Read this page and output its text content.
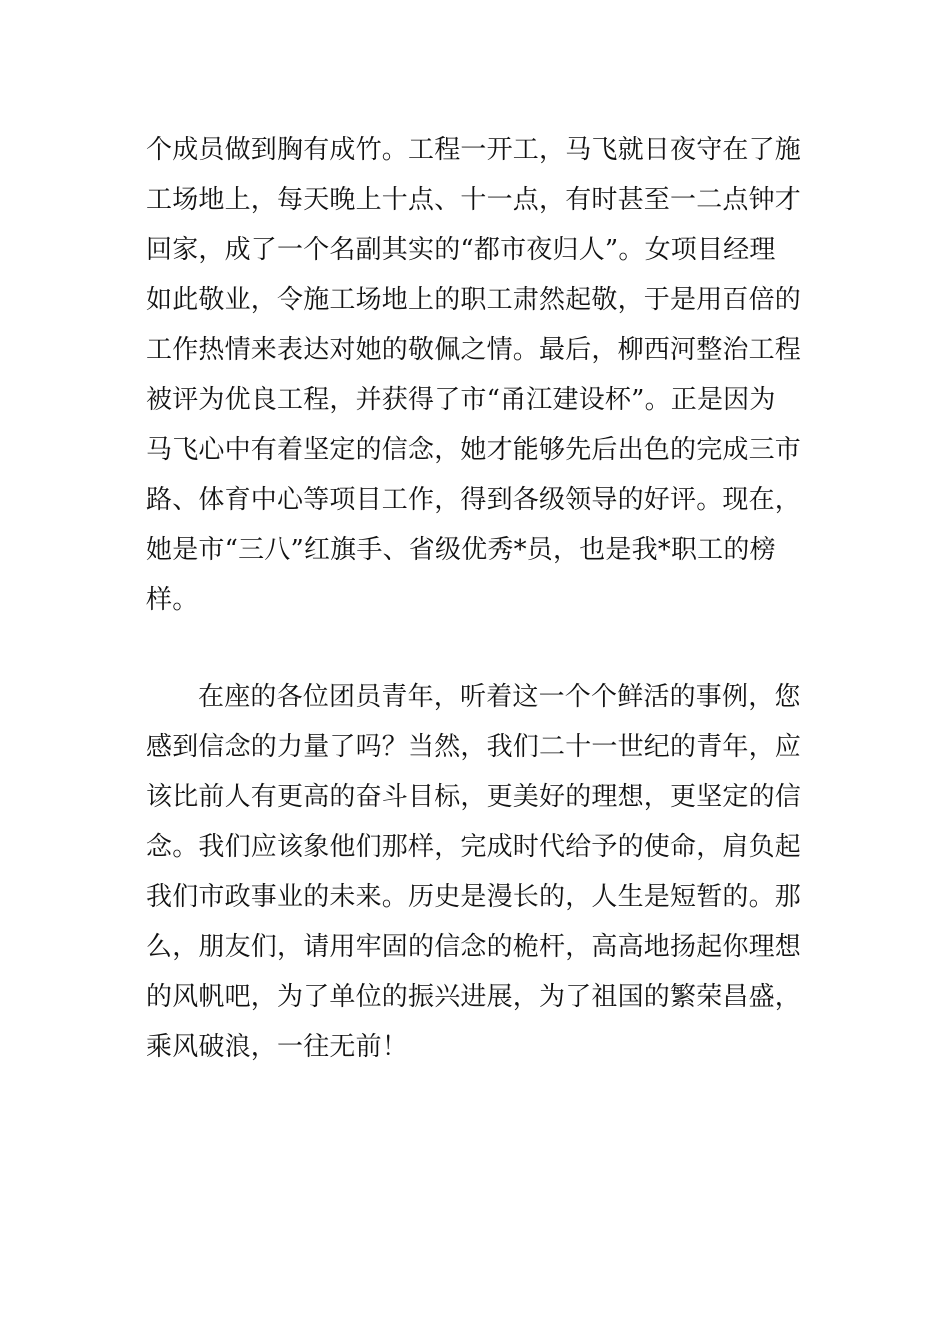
个成员做到胸有成竹。工程一开工，马飞就日夜守在了施
工场地上，每天晚上十点、十一点，有时甚至一二点钟才
回家，成了一个名副其实的“都市夜归人”。女项目经理
如此敬业，令施工场地上的职工肃然起敬，于是用百倍的
工作热情来表达对她的敬佩之情。最后，柳西河整治工程
被评为优良工程，并获得了市“甬江建设杯”。正是因为
马飞心中有着坚定的信念，她才能够先后出色的完成三市
路、体育中心等项目工作，得到各级领导的好评。现在，
她是市“三八”红旗手、省级优秀*员，也是我*职工的榜
样。
在座的各位团员青年，听着这一个个鲜活的事例，您
感到信念的力量了吗？当然，我们二十一世纪的青年，应
该比前人有更高的奋斗目标，更美好的理想，更坚定的信
念。我们应该象他们那样，完成时代给予的使命，肩负起
我们市政事业的未来。历史是漫长的，人生是短暂的。那
么，朋友们，请用牢固的信念的桅杆，高高地扬起你理想
的风帆吧，为了单位的振兴进展，为了祖国的繁荣昌盛，
乘风破浪，一往无前！
